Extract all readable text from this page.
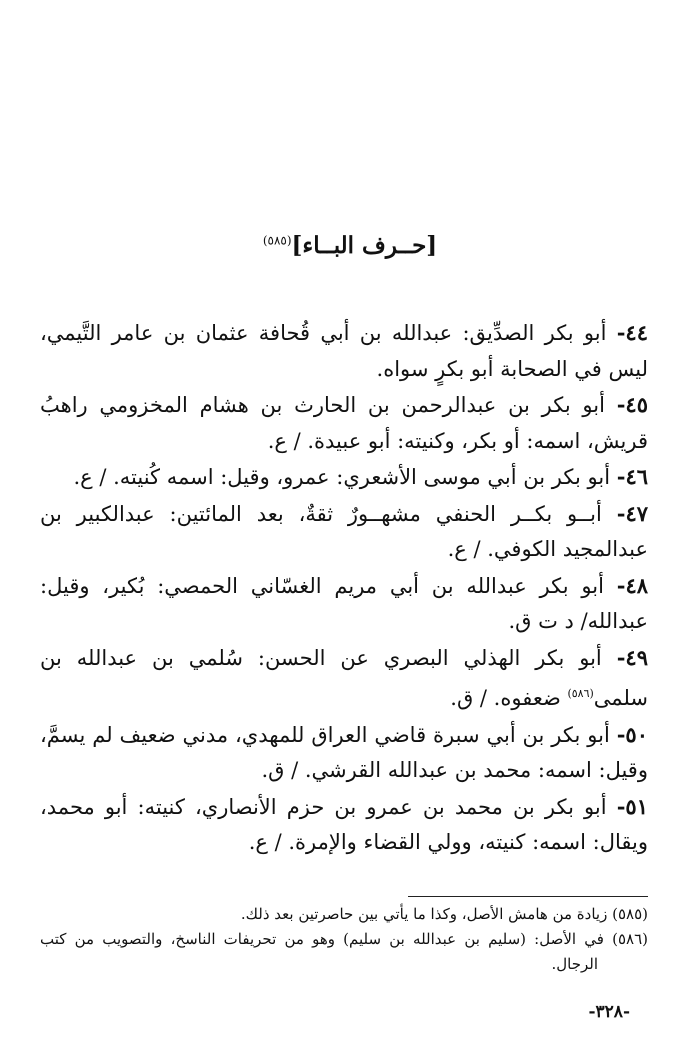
[حــرف البــاء]$^{(٥٨٥)}$

٤٤- أبو بكر الصدِّيق: عبدالله بن أبي قُحافة عثمان بن عامر التَّيمي، ليس في الصحابة أبو بكرٍ سواه.

٤٥- أبو بكر بن عبدالرحمن بن الحارث بن هشام المخزومي راهبُ قريش، اسمه: أو بكر، وكنيته: أبو عبيدة. / ع.

٤٦- أبو بكر بن أبي موسى الأشعري: عمرو، وقيل: اسمه كُنيته. / ع.

٤٧- أبــو بكــر الحنفي مشهــورٌ ثقةٌ، بعد المائتين: عبدالكبير بن عبدالمجيد الكوفي. / ع.

٤٨- أبو بكر عبدالله بن أبي مريم الغسّاني الحمصي: بُكير، وقيل: عبدالله/ د ت ق.

٤٩- أبو بكر الهذلي البصري عن الحسن: سُلمي بن عبدالله بن سلمى$^{(٥٨٦)}$ ضعفوه. / ق.

٥٠- أبو بكر بن أبي سبرة قاضي العراق للمهدي، مدني ضعيف لم يسمَّ، وقيل: اسمه: محمد بن عبدالله القرشي. / ق.

٥١- أبو بكر بن محمد بن عمرو بن حزم الأنصاري، كنيته: أبو محمد، ويقال: اسمه: كنيته، وولي القضاء والإمرة. / ع.

(٥٨٥) زيادة من هامش الأصل، وكذا ما يأتي بين حاصرتين بعد ذلك.

(٥٨٦) في الأصل: (سليم بن عبدالله بن سليم) وهو من تحريفات الناسخ، والتصويب من كتب الرجال.

-٣٢٨-
